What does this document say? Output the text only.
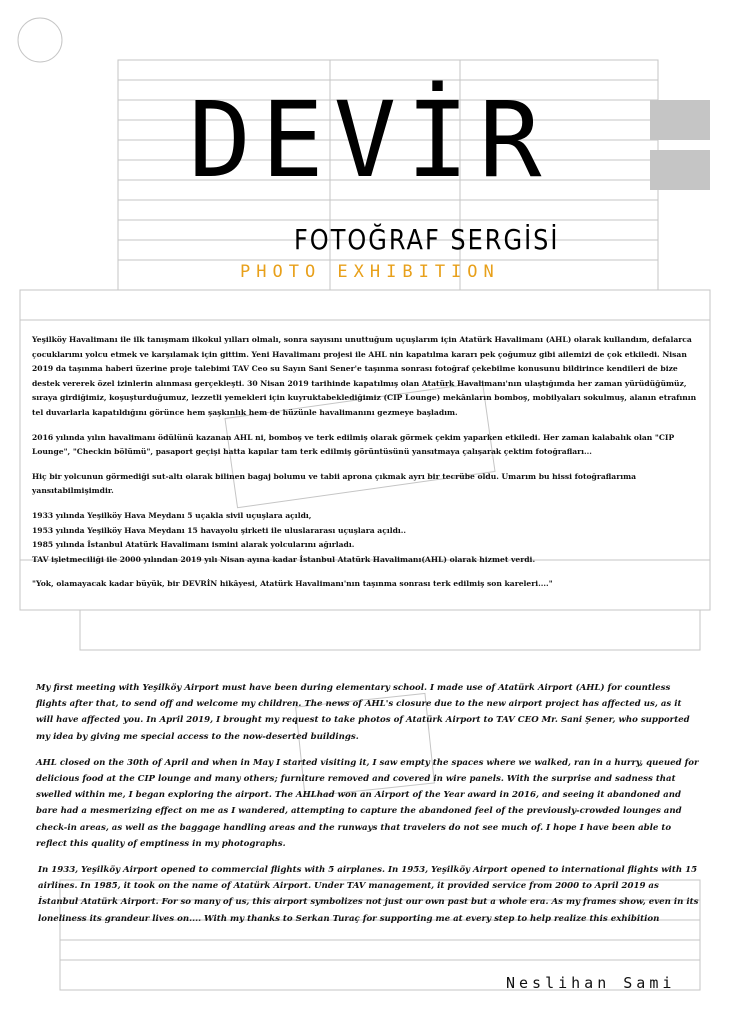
DEVİR
FOTOĞRAF SERGİSİ
PHOTO EXHIBITION

Yeşilköy Havalimanı ile ilk tanışmam ilkokul yılları olmalı, sonra sayısını unuttuğum uçuşlarım için Atatürk Havalimanı (AHL) olarak kullandım, defalarca çocuklarımı yolcu etmek ve karşılamak için gittim. Yeni Havalimanı projesi ile AHL nin kapatılma kararı pek çoğumuz gibi ailemizi de çok etkiledi. Nisan 2019 da taşınma haberi üzerine proje talebimi TAV Ceo su Sayın Sani Sener'e taşınma sonrası fotoğraf çekebilme konusunu bildirince kendileri de bize destek vererek özel izinlerin alınması gerçekleşti. 30 Nisan 2019 tarihinde kapatılmış olan Atatürk Havalimanı'nın ulaştığımda her zaman yürüdüğümüz, sıraya girdiğimiz, koşuşturduğumuz, lezzetli yemekleri için kuyruktabeklediğimiz (CIP Lounge) mekânların bomboş, mobilyaları sokulmuş, alanın etrafının tel duvarlarla kapatıldığını görünce hem şaşkınlık hem de hüzünle havalimanını gezmeye başladım.

2016 yılında yılın havalimanı ödülünü kazanan AHL ni, bomboş ve terk edilmiş olarak görmek çekim yaparken etkiledi. Her zaman kalabalık olan "CIP Lounge", "Checkin bölümü", pasaport geçişi hatta kapılar tam terk edilmiş görüntüsünü yansıtmaya çalışarak çektim fotoğrafları...

Hiç bir yolcunun görmediği sut-altı olarak bilinen bagaj bolumu ve tabii aprona çıkmak ayrı bir tecrübe oldu. Umarım bu hissi fotoğraflarıma yansıtabilmişimdir.

1933 yılında Yeşilköy Hava Meydanı 5 uçakla sivil uçuşlara açıldı,
1953 yılında Yeşilköy Hava Meydanı 15 havayolu şirketi ile uluslararası uçuşlara açıldı..
1985 yılında İstanbul Atatürk Havalimanı ismini alarak yolcularını ağırladı.
TAV işletmeciliği ile 2000 yılından 2019 yılı Nisan ayına kadar İstanbul Atatürk Havalimanı(AHL) olarak hizmet verdi.

"Yok, olamayacak kadar büyük, bir DEVRİN hikâyesi, Atatürk Havalimanı'nın taşınma sonrası terk edilmiş son kareleri...."

My first meeting with Yeşilköy Airport must have been during elementary school. I made use of Atatürk Airport (AHL) for countless flights after that, to send off and welcome my children. The news of AHL's closure due to the new airport project has affected us, as it will have affected you. In April 2019, I brought my request to take photos of Atatürk Airport to TAV CEO Mr. Sani Şener, who supported my idea by giving me special access to the now-deserted buildings.

AHL closed on the 30th of April and when in May I started visiting it, I saw empty the spaces where we walked, ran in a hurry, queued for delicious food at the CIP lounge and many others; furniture removed and covered in wire panels. With the surprise and sadness that swelled within me, I began exploring the airport. The AHLhad won an Airport of the Year award in 2016, and seeing it abandoned and bare had a mesmerizing effect on me as I wandered, attempting to capture the abandoned feel of the previously-crowded lounges and check-in areas, as well as the baggage handling areas and the runways that travelers do not see much of. I hope I have been able to reflect this quality of emptiness in my photographs.

In 1933, Yeşilköy Airport opened to commercial flights with 5 airplanes. In 1953, Yeşilköy Airport opened to international flights with 15 airlines. In 1985, it took on the name of Atatürk Airport. Under TAV management, it provided service from 2000 to April 2019 as İstanbul Atatürk Airport. For so many of us, this airport symbolizes not just our own past but a whole era. As my frames show, even in its loneliness its grandeur lives on.... With my thanks to Serkan Turaç for supporting me at every step to help realize this exhibition

Neslihan Sami
